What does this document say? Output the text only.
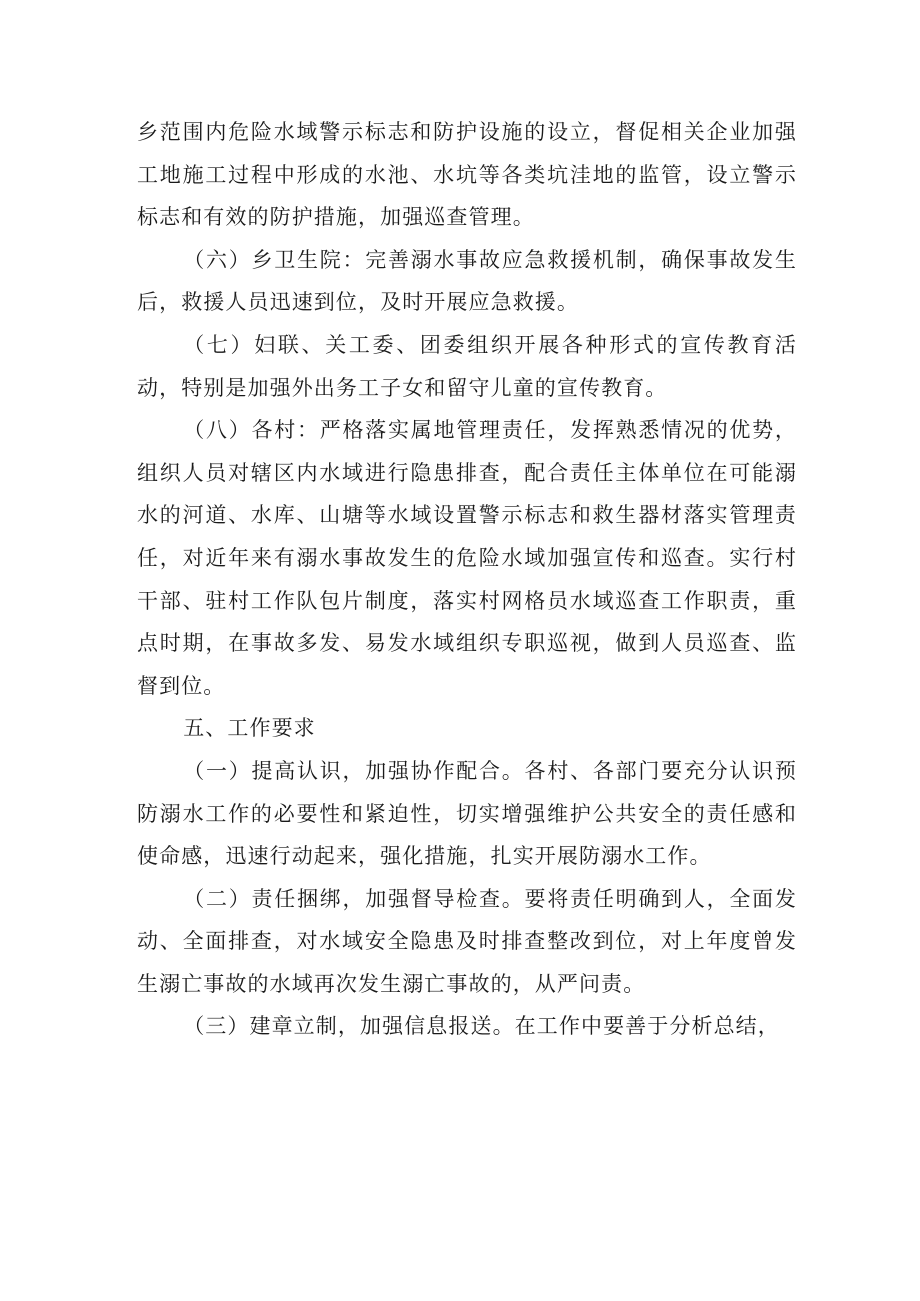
乡范围内危险水域警示标志和防护设施的设立，督促相关企业加强工地施工过程中形成的水池、水坑等各类坑洼地的监管，设立警示标志和有效的防护措施，加强巡查管理。

（六）乡卫生院：完善溺水事故应急救援机制，确保事故发生后，救援人员迅速到位，及时开展应急救援。

（七）妇联、关工委、团委组织开展各种形式的宣传教育活动，特别是加强外出务工子女和留守儿童的宣传教育。

（八）各村：严格落实属地管理责任，发挥熟悉情况的优势，组织人员对辖区内水域进行隐患排查，配合责任主体单位在可能溺水的河道、水库、山塘等水域设置警示标志和救生器材落实管理责任，对近年来有溺水事故发生的危险水域加强宣传和巡查。实行村干部、驻村工作队包片制度，落实村网格员水域巡查工作职责，重点时期，在事故多发、易发水域组织专职巡视，做到人员巡查、监督到位。

五、工作要求

（一）提高认识，加强协作配合。各村、各部门要充分认识预防溺水工作的必要性和紧迫性，切实增强维护公共安全的责任感和使命感，迅速行动起来，强化措施，扎实开展防溺水工作。

（二）责任捆绑，加强督导检查。要将责任明确到人，全面发动、全面排查，对水域安全隐患及时排查整改到位，对上年度曾发生溺亡事故的水域再次发生溺亡事故的，从严问责。

（三）建章立制，加强信息报送。在工作中要善于分析总结，
